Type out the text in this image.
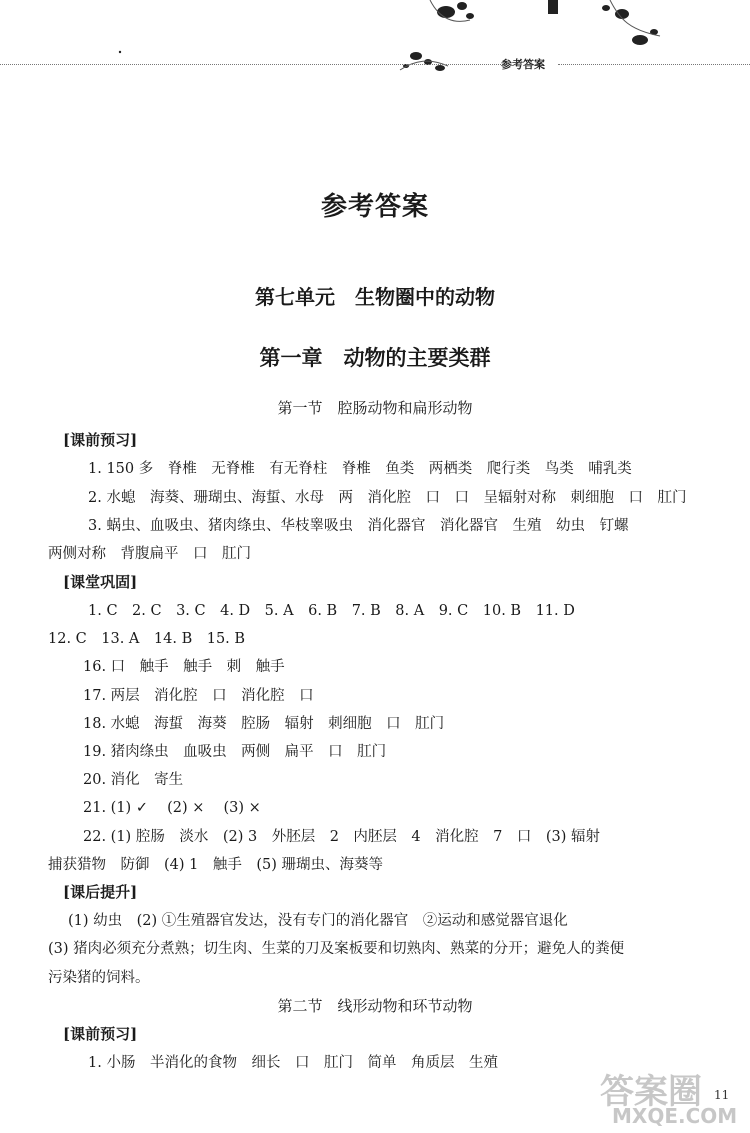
参考答案
参考答案
第七单元　生物圈中的动物
第一章　动物的主要类群
第一节　腔肠动物和扁形动物
[课前预习]
1. 150 多　脊椎　无脊椎　有无脊柱　脊椎　鱼类　两栖类　爬行类　鸟类　哺乳类
2. 水螅　海葵、珊瑚虫、海蜇、水母　两　消化腔　口　口　呈辐射对称　刺细胞　口　肛门
3. 蜗虫、血吸虫、猪肉绦虫、华枝睾吸虫　消化器官　消化器官　生殖　幼虫　钉螺
两侧对称　背腹扁平　口　肛门
[课堂巩固]
1. C　2. C　3. C　4. D　5. A　6. B　7. B　8. A　9. C　10. B　11. D
12. C　13. A　14. B　15. B
16. 口　触手　触手　刺　触手
17. 两层　消化腔　口　消化腔　口
18. 水螅　海蜇　海葵　腔肠　辐射　刺细胞　口　肛门
19. 猪肉绦虫　血吸虫　两侧　扁平　口　肛门
20. 消化　寄生
21. (1) ✓　 (2) ×　 (3) ×
22. (1) 腔肠　淡水　(2) 3　外胚层　2　内胚层　4　消化腔　7　口　(3) 辐射
捕获猎物　防御　(4) 1　触手　(5) 珊瑚虫、海葵等
[课后提升]
(1) 幼虫　(2) ①生殖器官发达，没有专门的消化器官　②运动和感觉器官退化
(3) 猪肉必须充分煮熟；切生肉、生菜的刀及案板要和切熟肉、熟菜的分开；避免人的粪便
污染猪的饲料。
第二节　线形动物和环节动物
[课前预习]
1. 小肠　半消化的食物　细长　口　肛门　简单　角质层　生殖
答案圈
MXQE.COM
11
